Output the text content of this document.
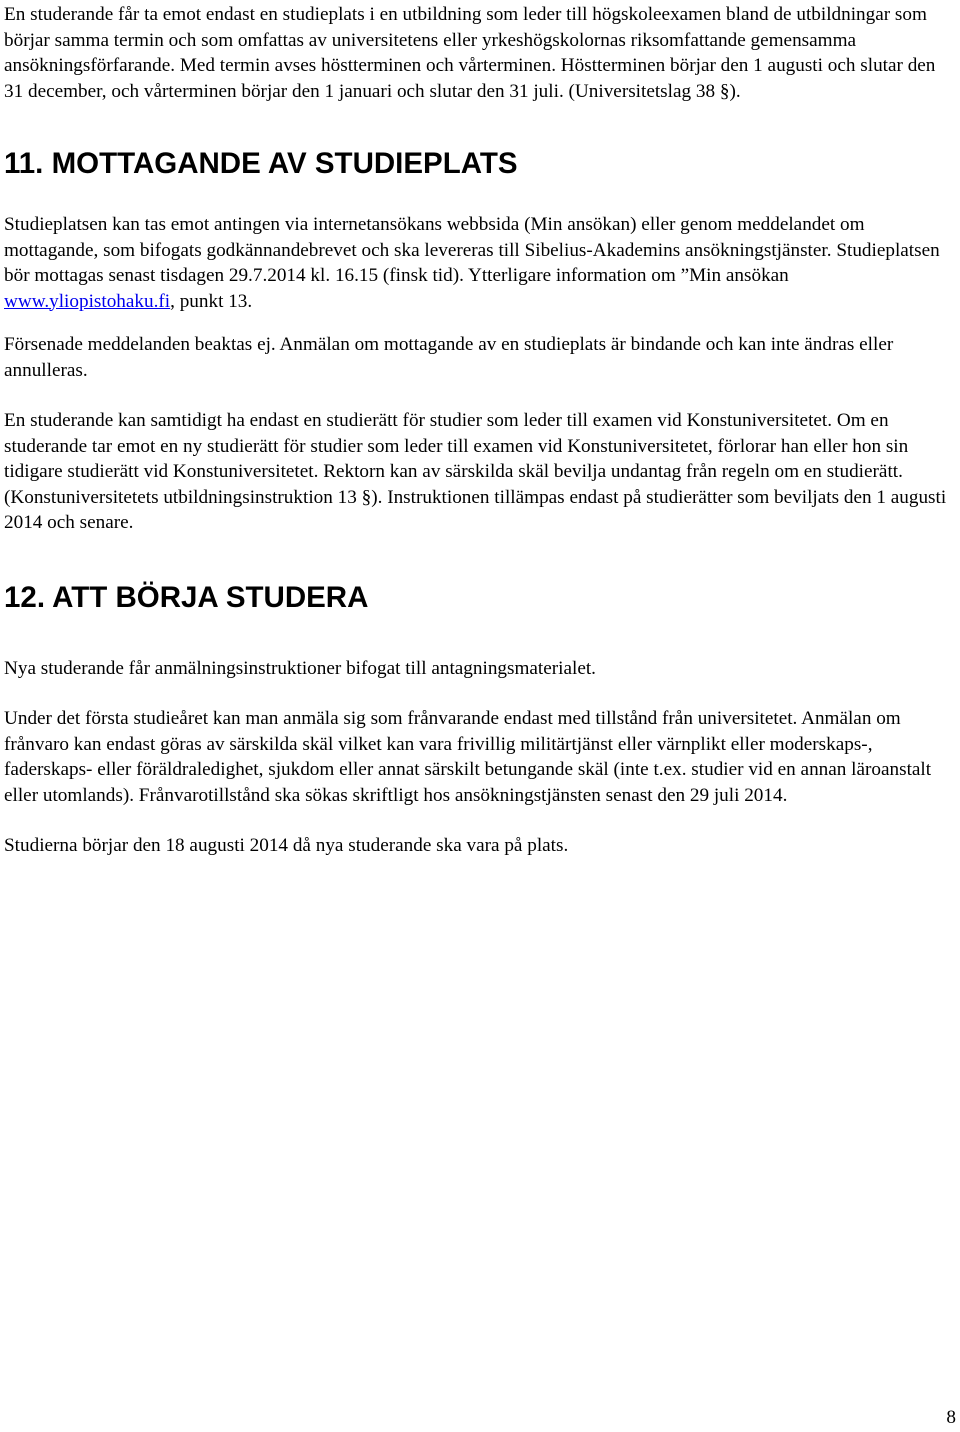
En studerande får ta emot endast en studieplats i en utbildning som leder till högskoleexamen bland de utbildningar som börjar samma termin och som omfattas av universitetens eller yrkeshögskolornas riksomfattande gemensamma ansökningsförfarande. Med termin avses höstterminen och vårterminen. Höstterminen börjar den 1 augusti och slutar den 31 december, och vårterminen börjar den 1 januari och slutar den 31 juli. (Universitetslag 38 §).

11. MOTTAGANDE AV STUDIEPLATS

Studieplatsen kan tas emot antingen via internetansökans webbsida (Min ansökan) eller genom meddelandet om mottagande, som bifogats godkännandebrevet och ska levereras till Sibelius-Akademins ansökningstjänster. Studieplatsen bör mottagas senast tisdagen 29.7.2014 kl. 16.15 (finsk tid). Ytterligare information om ”Min ansökan www.yliopistohaku.fi, punkt 13.

Försenade meddelanden beaktas ej. Anmälan om mottagande av en studieplats är bindande och kan inte ändras eller annulleras.

En studerande kan samtidigt ha endast en studierätt för studier som leder till examen vid Konstuniversitetet. Om en studerande tar emot en ny studierätt för studier som leder till examen vid Konstuniversitetet, förlorar han eller hon sin tidigare studierätt vid Konstuniversitetet. Rektorn kan av särskilda skäl bevilja undantag från regeln om en studierätt. (Konstuniversitetets utbildningsinstruktion 13 §). Instruktionen tillämpas endast på studierätter som beviljats den 1 augusti 2014 och senare.

12. ATT BÖRJA STUDERA

Nya studerande får anmälningsinstruktioner bifogat till antagningsmaterialet.

Under det första studieåret kan man anmäla sig som frånvarande endast med tillstånd från universitetet. Anmälan om frånvaro kan endast göras av särskilda skäl vilket kan vara frivillig militärtjänst eller värnplikt eller moderskaps-, faderskaps- eller föräldraledighet, sjukdom eller annat särskilt betungande skäl (inte t.ex. studier vid en annan läroanstalt eller utomlands). Frånvarotillstånd ska sökas skriftligt hos ansökningstjänsten senast den 29 juli 2014.

Studierna börjar den 18 augusti 2014 då nya studerande ska vara på plats.

8
